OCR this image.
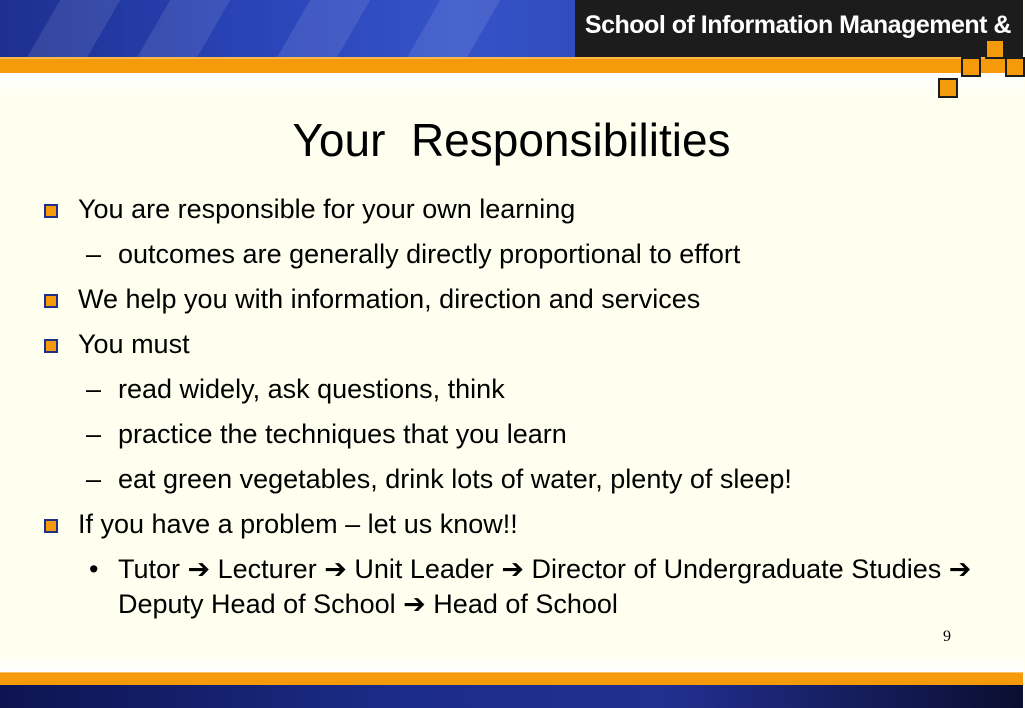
School of Information Management &
Your  Responsibilities
You are responsible for your own learning
– outcomes are generally directly proportional to effort
We help you with information, direction and services
You must
– read widely, ask questions, think
– practice the techniques that you learn
– eat green vegetables, drink lots of water, plenty of sleep!
If you have a problem – let us know!!
• Tutor ➔ Lecturer ➔ Unit Leader ➔ Director of Undergraduate Studies ➔ Deputy Head of School ➔ Head of School
9
